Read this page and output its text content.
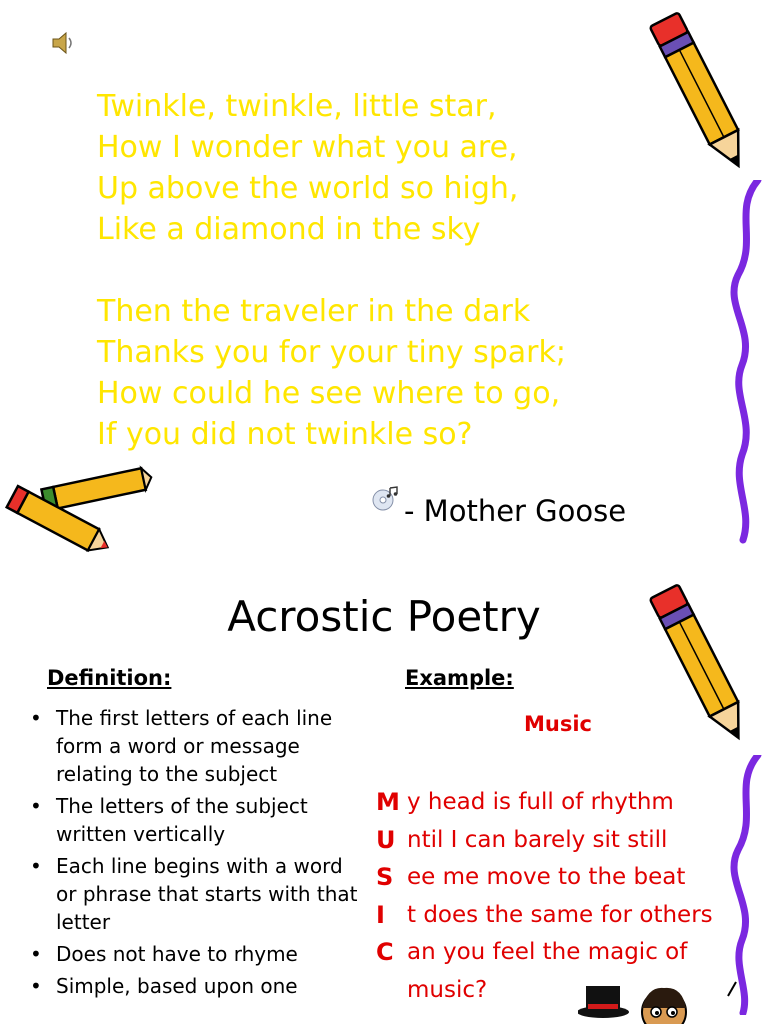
Twinkle, twinkle, little star,
How I wonder what you are,
Up above the world so high,
Like a diamond in the sky
Then the traveler in the dark
Thanks you for your tiny spark;
How could he see where to go,
If you did not twinkle so?
- Mother Goose
Acrostic Poetry
Definition:	Example:
• The first letters of each line form a word or message relating to the subject
• The letters of the subject written vertically
• Each line begins with a word or phrase that starts with that letter
• Does not have to rhyme
• Simple, based upon one
Music
M y head is full of rhythm
U ntil I can barely sit still
S ee me move to the beat
I t does the same for others
C an you feel the magic of
music?
